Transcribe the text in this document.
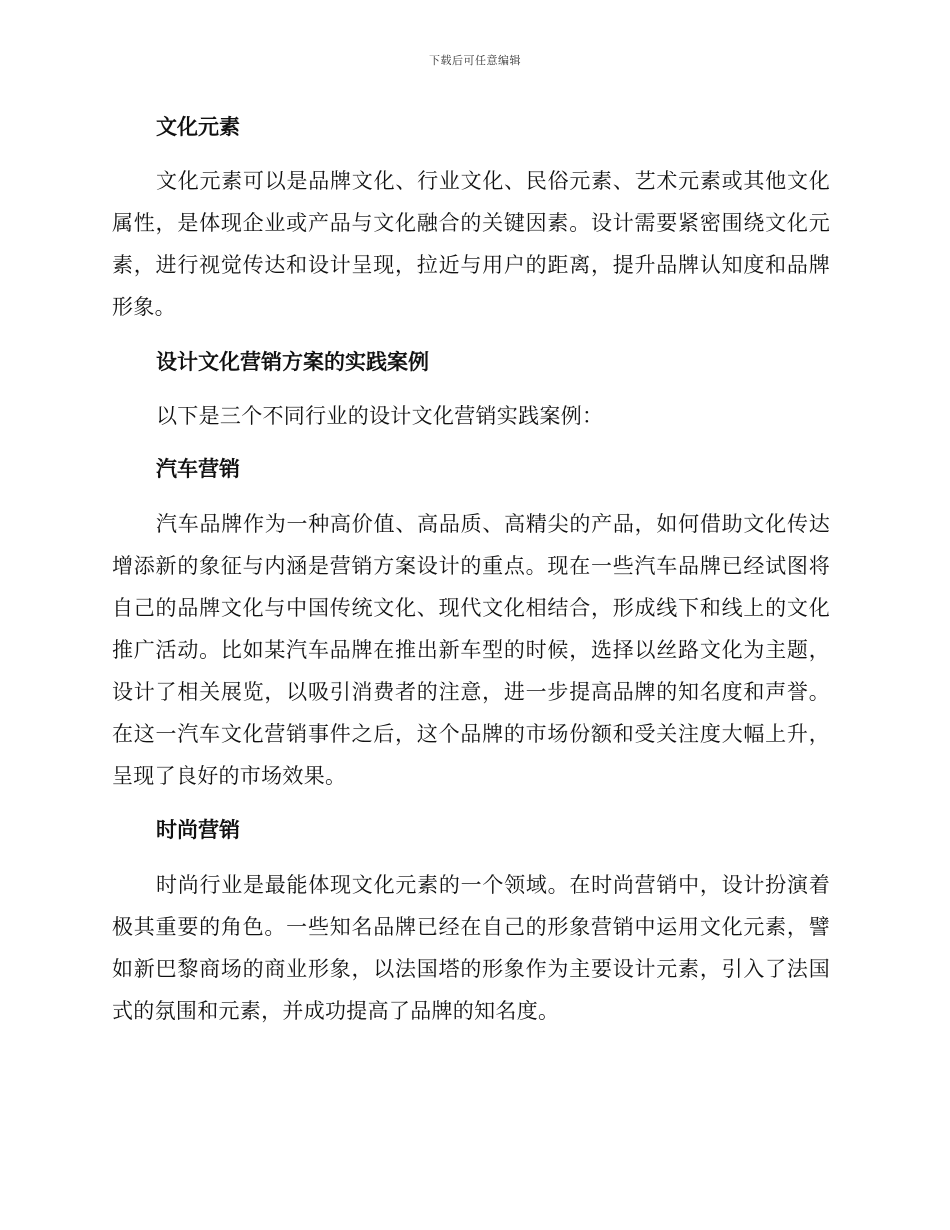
下载后可任意编辑
文化元素

文化元素可以是品牌文化、行业文化、民俗元素、艺术元素或其他文化属性，是体现企业或产品与文化融合的关键因素。设计需要紧密围绕文化元素，进行视觉传达和设计呈现，拉近与用户的距离，提升品牌认知度和品牌形象。

设计文化营销方案的实践案例

以下是三个不同行业的设计文化营销实践案例：

汽车营销

汽车品牌作为一种高价值、高品质、高精尖的产品，如何借助文化传达增添新的象征与内涵是营销方案设计的重点。现在一些汽车品牌已经试图将自己的品牌文化与中国传统文化、现代文化相结合，形成线下和线上的文化推广活动。比如某汽车品牌在推出新车型的时候，选择以丝路文化为主题，设计了相关展览，以吸引消费者的注意，进一步提高品牌的知名度和声誉。在这一汽车文化营销事件之后，这个品牌的市场份额和受关注度大幅上升，呈现了良好的市场效果。

时尚营销

时尚行业是最能体现文化元素的一个领域。在时尚营销中，设计扮演着极其重要的角色。一些知名品牌已经在自己的形象营销中运用文化元素，譬如新巴黎商场的商业形象，以法国塔的形象作为主要设计元素，引入了法国式的氛围和元素，并成功提高了品牌的知名度。
